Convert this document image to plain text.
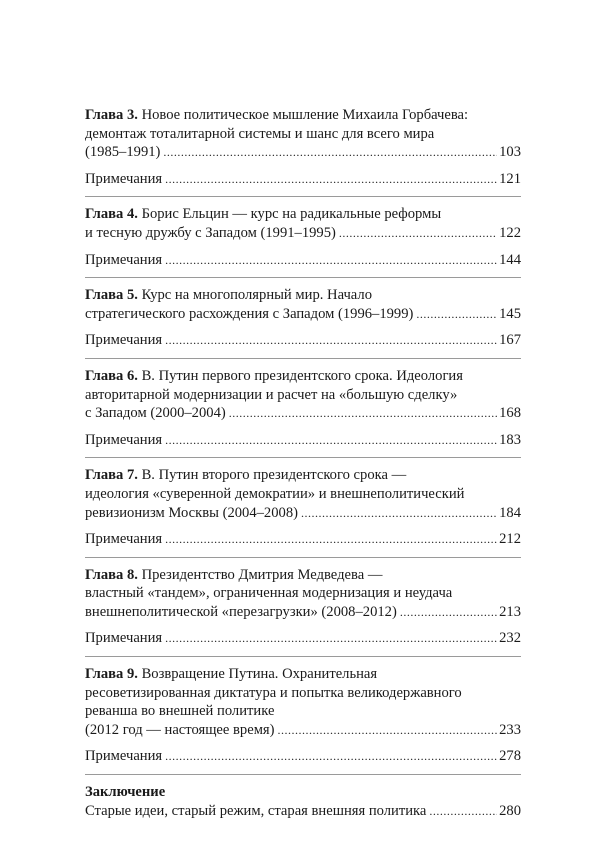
Глава 3. Новое политическое мышление Михаила Горбачева:
демонтаж тоталитарной системы и шанс для всего мира
(1985–1991) .....	103
Примечания .....	121
Глава 4. Борис Ельцин — курс на радикальные реформы
и тесную дружбу с Западом (1991–1995) .....	122
Примечания .....	144
Глава 5. Курс на многополярный мир. Начало
стратегического расхождения с Западом (1996–1999) .....	145
Примечания .....	167
Глава 6. В. Путин первого президентского срока. Идеология
авторитарной модернизации и расчет на «большую сделку»
с Западом (2000–2004) .....	168
Примечания .....	183
Глава 7. В. Путин второго президентского срока —
идеология «суверенной демократии» и внешнеполитический
ревизионизм Москвы (2004–2008) .....	184
Примечания .....	212
Глава 8. Президентство Дмитрия Медведева —
властный «тандем», ограниченная модернизация и неудача
внешнеполитической «перезагрузки» (2008–2012) .....	213
Примечания .....	232
Глава 9. Возвращение Путина. Охранительная
ресоветизированная диктатура и попытка великодержавного
реванша во внешней политике
(2012 год — настоящее время) .....	233
Примечания .....	278
Заключение
Старые идеи, старый режим, старая внешняя политика .....	280
